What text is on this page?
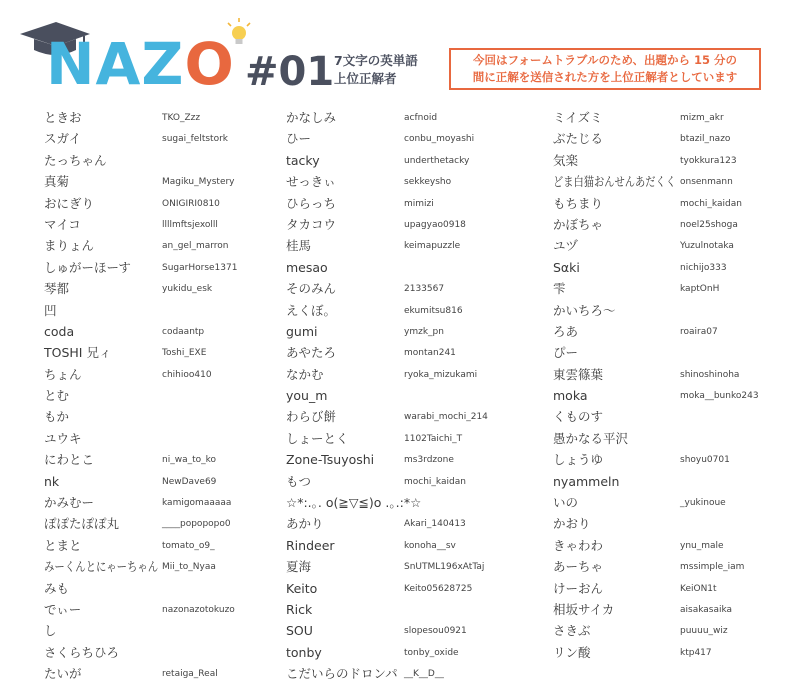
NAZO #01 7文字の英単語
上位正解者
今回はフォームトラブルのため、出題から 15 分の
間に正解を送信された方を上位正解者としています
ときお	TKO_Zzz
スガイ	sugai_feltstork
たっちゃん
真菊	Magiku_Mystery
おにぎり	ONIGIRI0810
マイコ	llllmftsjexolll
まりょん	an_gel_marron
しゅがーほーす	SugarHorse1371
琴都	yukidu_esk
凹
coda	codaantp
TOSHI 兄ィ	Toshi_EXE
ちょん	chihioo410
とむ
もか
ユウキ
にわとこ	ni_wa_to_ko
nk	NewDave69
かみむー	kamigomaaaaa
ぽぽたぽぽ丸	____popopopo0
とまと	tomato_o9_
みーくんとにゃーちゃん Mii_to_Nyaa
みも
でぃー	nazonazotokuzo
し
さくらちひろ
たいが	retaiga_Real
かなしみ	acfnoid
ひー	conbu_moyashi
tacky	underthetacky
せっきぃ	sekkeysho
ひらっち	mimizi
タカコウ	upagyao0918
桂馬	keimapuzzle
mesao
そのみん	2133567
えくぼ。	ekumitsu816
gumi	ymzk_pn
あやたろ	montan241
なかむ	ryoka_mizukami
you_m
わらび餅	warabi_mochi_214
しょーとく	1102Taichi_T
Zone-Tsuyoshi	ms3rdzone
もつ	mochi_kaidan
☆*:.｡. o(≧▽≦)o .｡.:*☆
あかり	Akari_140413
Rindeer	konoha__sv
夏海	SnUTML196xAtTaj
Keito	Keito05628725
Rick
SOU	slopesou0921
tonby	tonby_oxide
こだいらのドロンパ __K__D__
ミイズミ	mizm_akr
ぶたじる	btazil_nazo
気楽	tyokkura123
どま白猫おんせんあだくく onsenmann
もちまり	mochi_kaidan
かぼちゃ	noel25shoga
ユヅ	Yuzulnotaka
Sαki	nichijo333
雫	kaptOnH
かいちろ〜
ろあ	roaira07
ぴー
東雲篠葉	shinoshinoha
moka	moka__bunko243
くものす
愚かなる平沢
しょうゆ	shoyu0701
nyammeln
いの	_yukinoue
かおり
きゃわわ	ynu_male
あーちゃ	mssimple_iam
けーおん	KeiON1t
相坂サイカ	aisakasaika
さきぶ	puuuu_wiz
リン酸	ktp417
